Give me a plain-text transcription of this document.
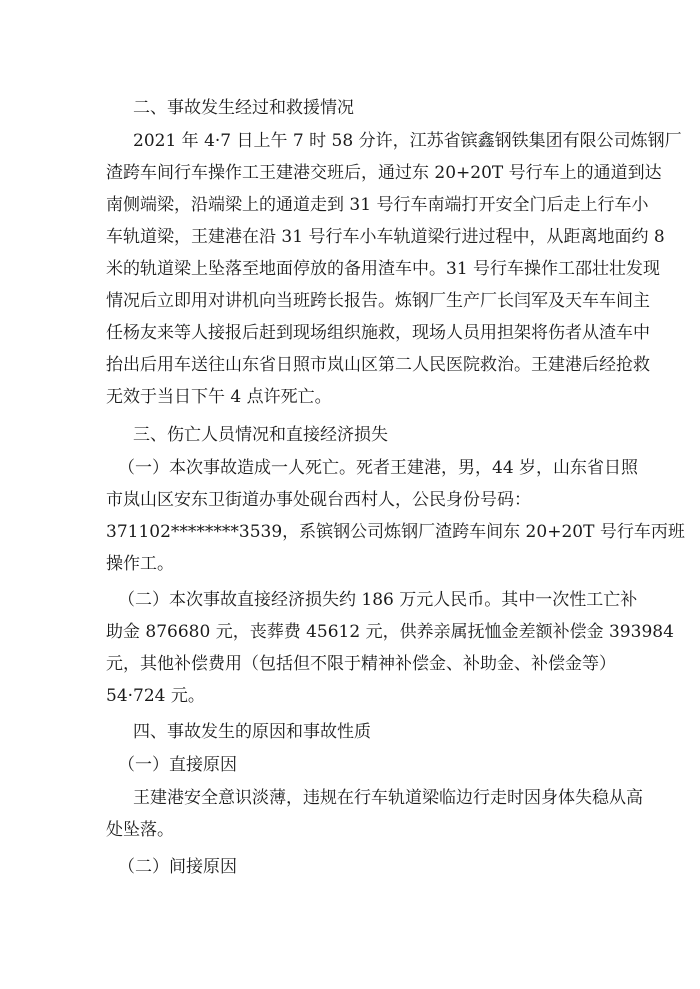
二、事故发生经过和救援情况
2021 年 4·7 日上午 7 时 58 分许，江苏省镔鑫钢铁集团有限公司炼钢厂
渣跨车间行车操作工王建港交班后，通过东 20+20T 号行车上的通道到达
南侧端梁，沿端梁上的通道走到 31 号行车南端打开安全门后走上行车小
车轨道梁，王建港在沿 31 号行车小车轨道梁行进过程中，从距离地面约 8
米的轨道梁上坠落至地面停放的备用渣车中。31 号行车操作工邵壮壮发现
情况后立即用对讲机向当班跨长报告。炼钢厂生产厂长闫军及天车车间主
任杨友来等人接报后赶到现场组织施救，现场人员用担架将伤者从渣车中
抬出后用车送往山东省日照市岚山区第二人民医院救治。王建港后经抢救
无效于当日下午 4 点许死亡。
三、伤亡人员情况和直接经济损失
（一）本次事故造成一人死亡。死者王建港，男，44 岁，山东省日照
市岚山区安东卫街道办事处砚台西村人，公民身份号码：
371102********3539，系镔钢公司炼钢厂渣跨车间东 20+20T 号行车丙班
操作工。
（二）本次事故直接经济损失约 186 万元人民币。其中一次性工亡补
助金 876680 元，丧葬费 45612 元，供养亲属抚恤金差额补偿金 393984
元，其他补偿费用（包括但不限于精神补偿金、补助金、补偿金等）
54·724 元。
四、事故发生的原因和事故性质
（一）直接原因
王建港安全意识淡薄，违规在行车轨道梁临边行走时因身体失稳从高
处坠落。
（二）间接原因
